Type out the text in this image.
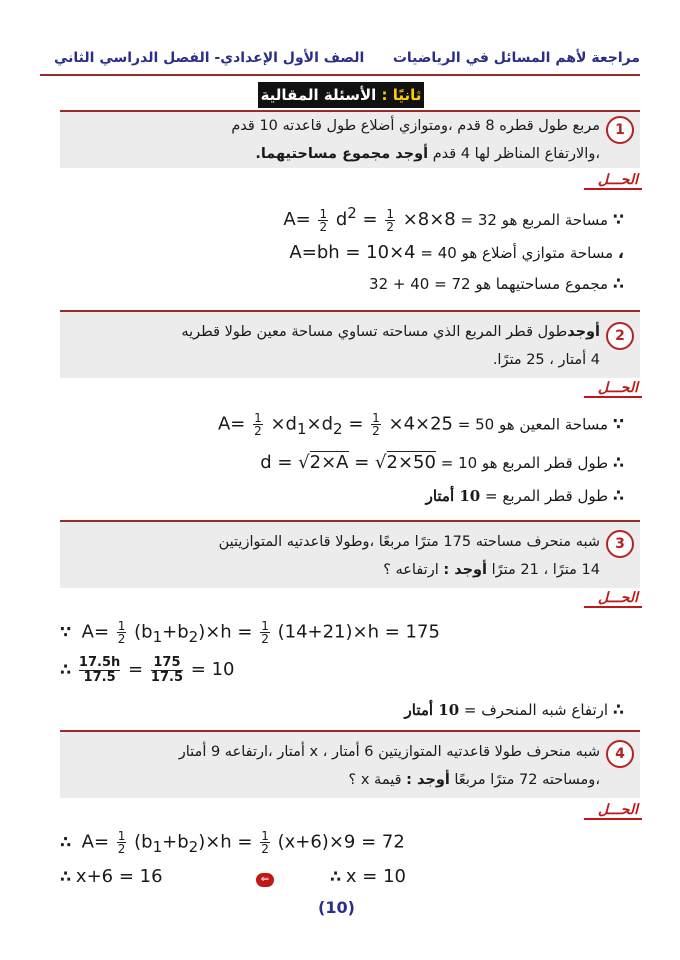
مراجعة لأهم المسائل في الرياضيات
الصف الأول الإعدادي- الفصل الدراسي الثاني
ثانيًا : الأسئلة المقالية
1
مربع طول قطره 8 قدم ،ومتوازي أضلاع طول قاعدته 10 قدم
،والارتفاع المناظر لها 4 قدم أوجد مجموع مساحتيهما.
الحـــل
∵ مساحة المربع هو $32 = A= \frac{1}{2} d^2 = \frac{1}{2} \times 8\times 8$
، مساحة متوازي أضلاع هو 40 = A=bh = 10×4
∴ مجموع مساحتيهما هو 72 = 40 + 32
2
أوجدطول قطر المربع الذي مساحته تساوي مساحة معين طولا قطريه
4 أمتار ، 25 مترًا.
الحـــل
∵ مساحة المعين هو $50 = A= \frac{1}{2} \times d_1\times d_2 = \frac{1}{2} \times 4\times 25$
∴ طول قطر المربع هو 10 = d = √2×A = √2×50
∴ طول قطر المربع = 10 أمتار
3
شبه منحرف مساحته 175 مترًا مربعًا ،وطولا قاعدتيه المتوازيتين
14 مترًا ، 21 مترًا أوجد : ارتفاعه ؟
الحـــل
∵  $A= \frac{1}{2} (b_1+b_2)\times h = \frac{1}{2} (14+21)\times h = 175$
∴ $\frac{17.5h}{17.5} = \frac{175}{17.5} = 10$
∴ ارتفاع شبه المنحرف = 10 أمتار
4
شبه منحرف طولا قاعدتيه المتوازيتين 6 أمتار ، x أمتار ،ارتفاعه 9 أمتار
،ومساحته 72 مترًا مربعًا أوجد : قيمة x ؟
الحـــل
∴  $A= \frac{1}{2} (b_1+b_2)\times h = \frac{1}{2} (x+6)\times 9 = 72$
∴ x+6 = 16	⇐	∴ x = 10
(10)
